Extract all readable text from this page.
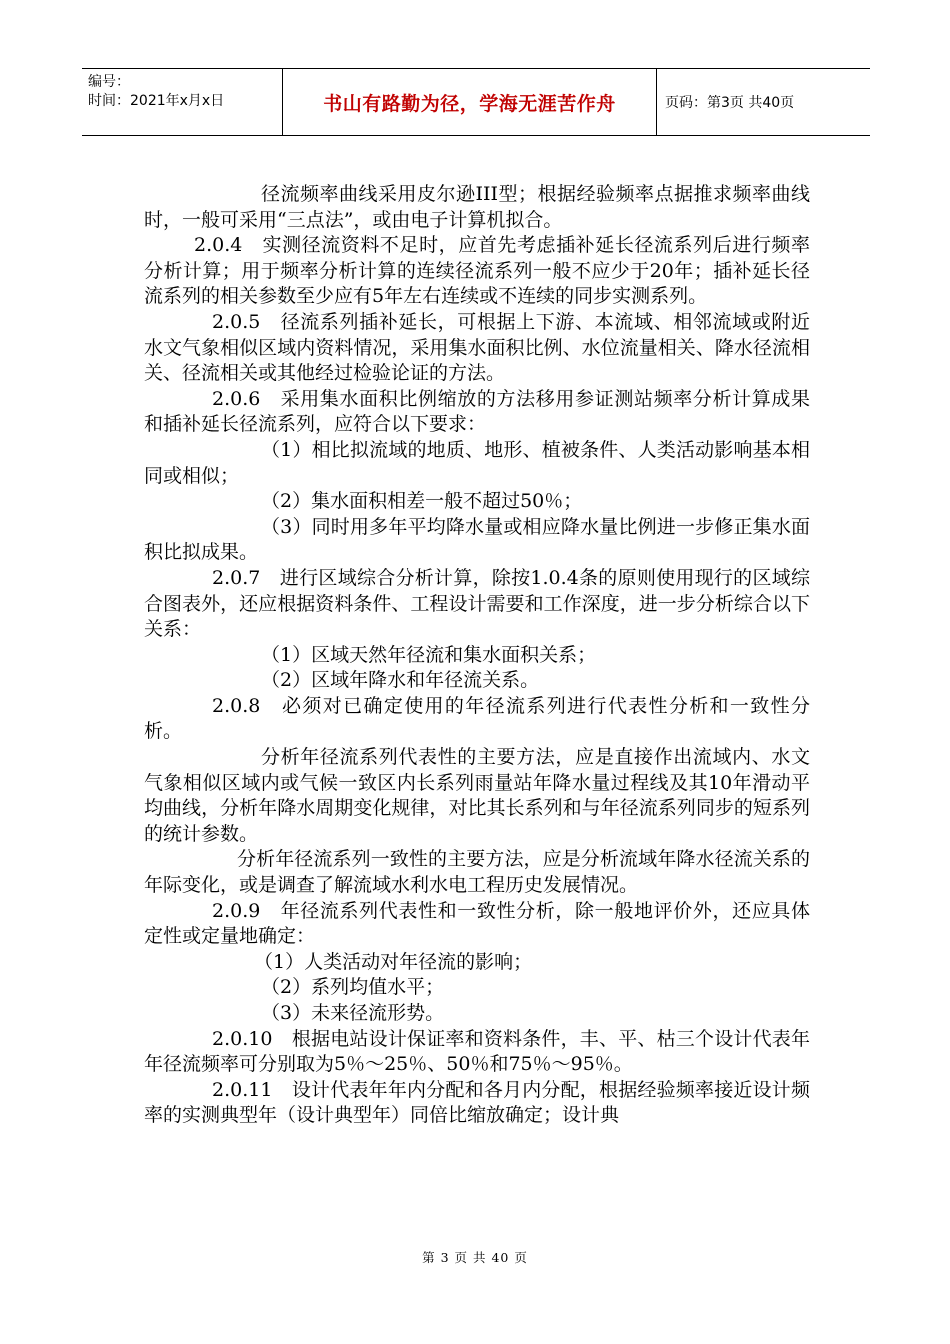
编号：
时间：2021年x月x日	书山有路勤为径，学海无涯苦作舟	页码：第3页 共40页

径流频率曲线采用皮尔逊III型；根据经验频率点据推求频率曲线时，一般可采用“三点法”，或由电子计算机拟合。

2.0.4　实测径流资料不足时，应首先考虑插补延长径流系列后进行频率分析计算；用于频率分析计算的连续径流系列一般不应少于20年；插补延长径流系列的相关参数至少应有5年左右连续或不连续的同步实测系列。

2.0.5　径流系列插补延长，可根据上下游、本流域、相邻流域或附近水文气象相似区域内资料情况，采用集水面积比例、水位流量相关、降水径流相关、径流相关或其他经过检验论证的方法。

2.0.6　采用集水面积比例缩放的方法移用参证测站频率分析计算成果和插补延长径流系列，应符合以下要求：

（1）相比拟流域的地质、地形、植被条件、人类活动影响基本相同或相似；

（2）集水面积相差一般不超过50％；

（3）同时用多年平均降水量或相应降水量比例进一步修正集水面积比拟成果。

2.0.7　进行区域综合分析计算，除按1.0.4条的原则使用现行的区域综合图表外，还应根据资料条件、工程设计需要和工作深度，进一步分析综合以下关系：

（1）区域天然年径流和集水面积关系；

（2）区域年降水和年径流关系。

2.0.8　必须对已确定使用的年径流系列进行代表性分析和一致性分析。

分析年径流系列代表性的主要方法，应是直接作出流域内、水文气象相似区域内或气候一致区内长系列雨量站年降水量过程线及其10年滑动平均曲线，分析年降水周期变化规律，对比其长系列和与年径流系列同步的短系列的统计参数。

分析年径流系列一致性的主要方法，应是分析流域年降水径流关系的年际变化，或是调查了解流域水利水电工程历史发展情况。

2.0.9　年径流系列代表性和一致性分析，除一般地评价外，还应具体定性或定量地确定：

（1）人类活动对年径流的影响；

（2）系列均值水平；

（3）未来径流形势。

2.0.10　根据电站设计保证率和资料条件，丰、平、枯三个设计代表年年径流频率可分别取为5％～25％、50％和75％～95％。

2.0.11　设计代表年年内分配和各月内分配，根据经验频率接近设计频率的实测典型年（设计典型年）同倍比缩放确定；设计典

第 3 页 共 40 页
